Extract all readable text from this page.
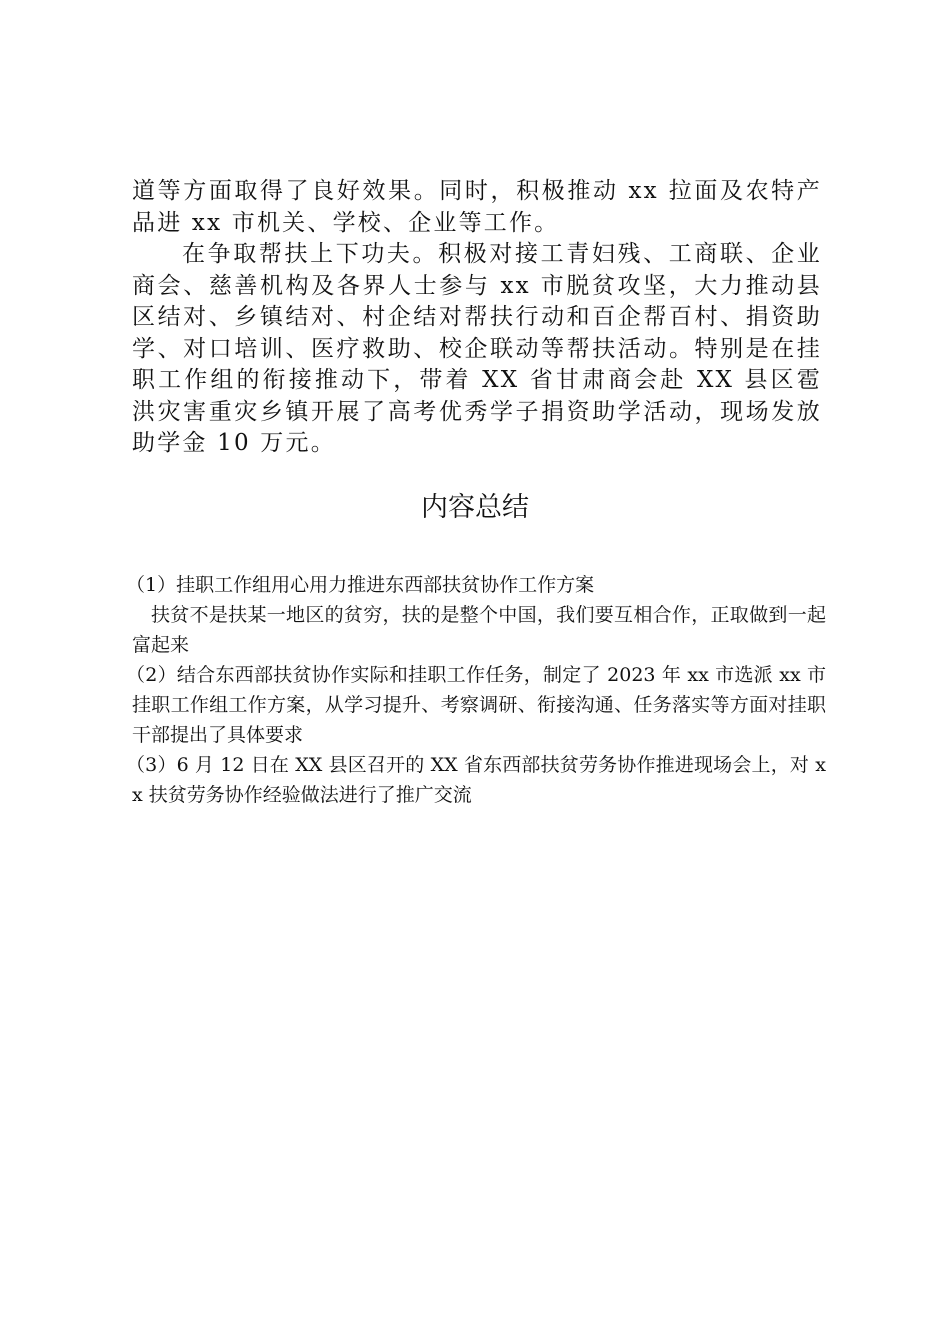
道等方面取得了良好效果。同时，积极推动 xx 拉面及农特产品进 xx 市机关、学校、企业等工作。

在争取帮扶上下功夫。积极对接工青妇残、工商联、企业商会、慈善机构及各界人士参与 xx 市脱贫攻坚，大力推动县区结对、乡镇结对、村企结对帮扶行动和百企帮百村、捐资助学、对口培训、医疗救助、校企联动等帮扶活动。特别是在挂职工作组的衔接推动下，带着 XX 省甘肃商会赴 XX 县区雹洪灾害重灾乡镇开展了高考优秀学子捐资助学活动，现场发放助学金 10 万元。

内容总结

（1）挂职工作组用心用力推进东西部扶贫协作工作方案

扶贫不是扶某一地区的贫穷，扶的是整个中国，我们要互相合作，正取做到一起富起来

（2）结合东西部扶贫协作实际和挂职工作任务，制定了 2023 年 xx 市选派 xx 市挂职工作组工作方案，从学习提升、考察调研、衔接沟通、任务落实等方面对挂职干部提出了具体要求

（3）6 月 12 日在 XX 县区召开的 XX 省东西部扶贫劳务协作推进现场会上，对 xx 扶贫劳务协作经验做法进行了推广交流
